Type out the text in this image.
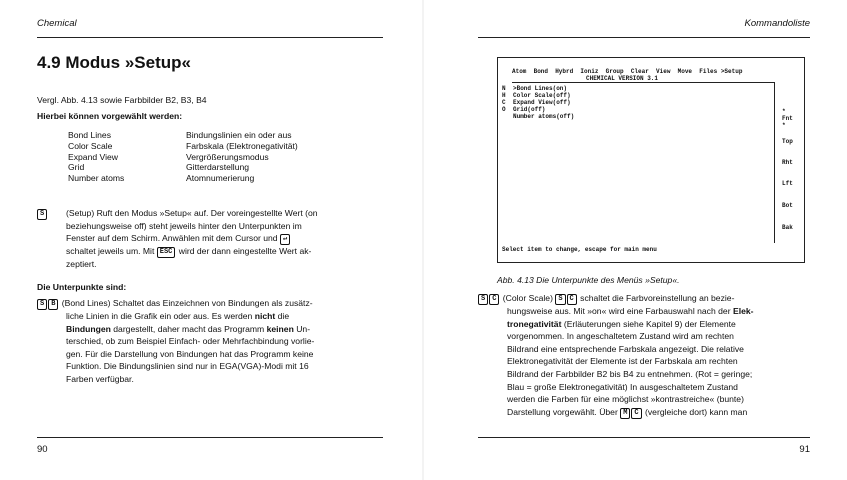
Chemical
4.9 Modus »Setup«
Vergl. Abb. 4.13 sowie Farbbilder B2, B3, B4
Hierbei können vorgewählt werden:
Bond Lines
Color Scale
Expand View
Grid
Number atoms
Bindungslinien ein oder aus
Farbskala (Elektronegativität)
Vergrößerungsmodus
Gitterdarstellung
Atomnumerierung
S	(Setup) Ruft den Modus »Setup« auf. Der voreingestellte Wert (on
beziehungsweise off) steht jeweils hinter den Unterpunkten im
Fenster auf dem Schirm. Anwählen mit dem Cursor und ↵
schaltet jeweils um. Mit ESC wird der dann eingestellte Wert ak-
zeptiert.
Die Unterpunkte sind:
S B (Bond Lines) Schaltet das Einzeichnen von Bindungen als zusätz-
liche Linien in die Grafik ein oder aus. Es werden nicht die
Bindungen dargestellt, daher macht das Programm keinen Un-
terschied, ob zum Beispiel Einfach- oder Mehrfachbindung vorlie-
gen. Für die Darstellung von Bindungen hat das Programm keine
Funktion. Die Bindungslinien sind nur in EGA(VGA)-Modi mit 16
Farben verfügbar.
90
Kommandoliste
Atom  Bond  Hybrd  Ioniz  Group  Clear  View  Move  Files >Setup
CHEMICAL VERSION 3.1
N
H
C
O
>Bond Lines(on)
Color Scale(off)
Expand View(off)
Grid(off)
Number atoms(off)
*
Fnt
*
Top
Rht
Lft
Bot
Bak
Select item to change, escape for main menu
Abb. 4.13 Die Unterpunkte des Menüs »Setup«.
S C (Color Scale) S C schaltet die Farbvoreinstellung an bezie-
hungsweise aus. Mit »on« wird eine Farbauswahl nach der Elek-
tronegativität (Erläuterungen siehe Kapitel 9) der Elemente
vorgenommen. In angeschaltetem Zustand wird am rechten
Bildrand eine entsprechende Farbskala angezeigt. Die relative
Elektronegativität der Elemente ist der Farbskala am rechten
Bildrand der Farbbilder B2 bis B4 zu entnehmen. (Rot = geringe;
Blau = große Elektronegativität) In ausgeschaltetem Zustand
werden die Farben für eine möglichst »kontrastreiche« (bunte)
Darstellung vorgewählt. Über M C (vergleiche dort) kann man
91
